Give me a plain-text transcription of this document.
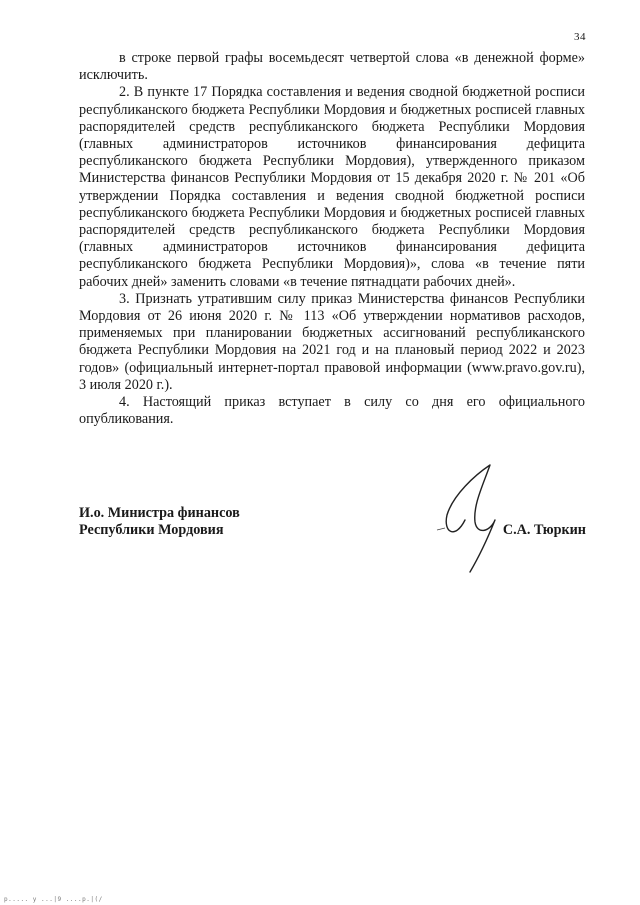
34

в строке первой графы восемьдесят четвертой слова «в денежной форме» исключить.

2. В пункте 17 Порядка составления и ведения сводной бюджетной росписи республиканского бюджета Республики Мордовия и бюджетных росписей главных распорядителей средств республиканского бюджета Республики Мордовия (главных администраторов источников финансирования дефицита республиканского бюджета Республики Мордовия), утвержденного приказом Министерства финансов Республики Мордовия от 15 декабря 2020 г. № 201 «Об утверждении Порядка составления и ведения сводной бюджетной росписи республиканского бюджета Республики Мордовия и бюджетных росписей главных распорядителей средств республиканского бюджета Республики Мордовия (главных администраторов источников финансирования дефицита республиканского бюджета Республики Мордовия)», слова «в течение пяти рабочих дней» заменить словами «в течение пятнадцати рабочих дней».

3. Признать утратившим силу приказ Министерства финансов Республики Мордовия от 26 июня 2020 г. № 113 «Об утверждении нормативов расходов, применяемых при планировании бюджетных ассигнований республиканского бюджета Республики Мордовия на 2021 год и на плановый период 2022 и 2023 годов» (официальный интернет-портал правовой информации (www.pravo.gov.ru), 3 июля 2020 г.).

4. Настоящий приказ вступает в силу со дня его официального опубликования.

И.о. Министра финансов
Республики Мордовия	С.А. Тюркин
p..... y ...|9 ....p.|(/
